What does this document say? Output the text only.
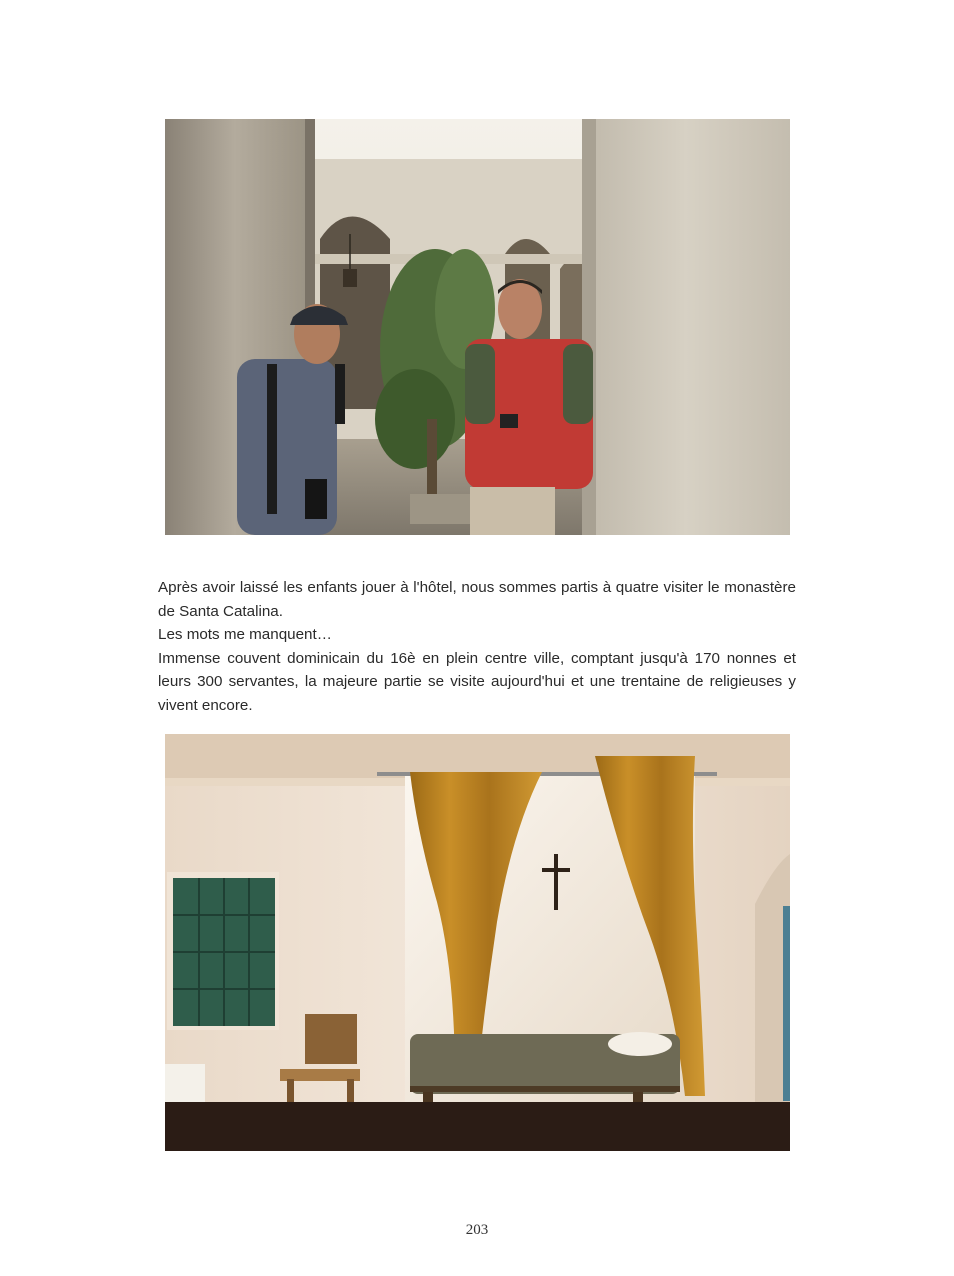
Après avoir laissé les enfants jouer à l'hôtel, nous sommes partis à quatre visiter le monastère de Santa Catalina.

Les mots me manquent…

Immense couvent dominicain du 16è en plein centre ville, comptant jusqu'à 170 nonnes et leurs 300 servantes, la majeure partie se visite aujourd'hui et une trentaine de religieuses y vivent encore.

203
